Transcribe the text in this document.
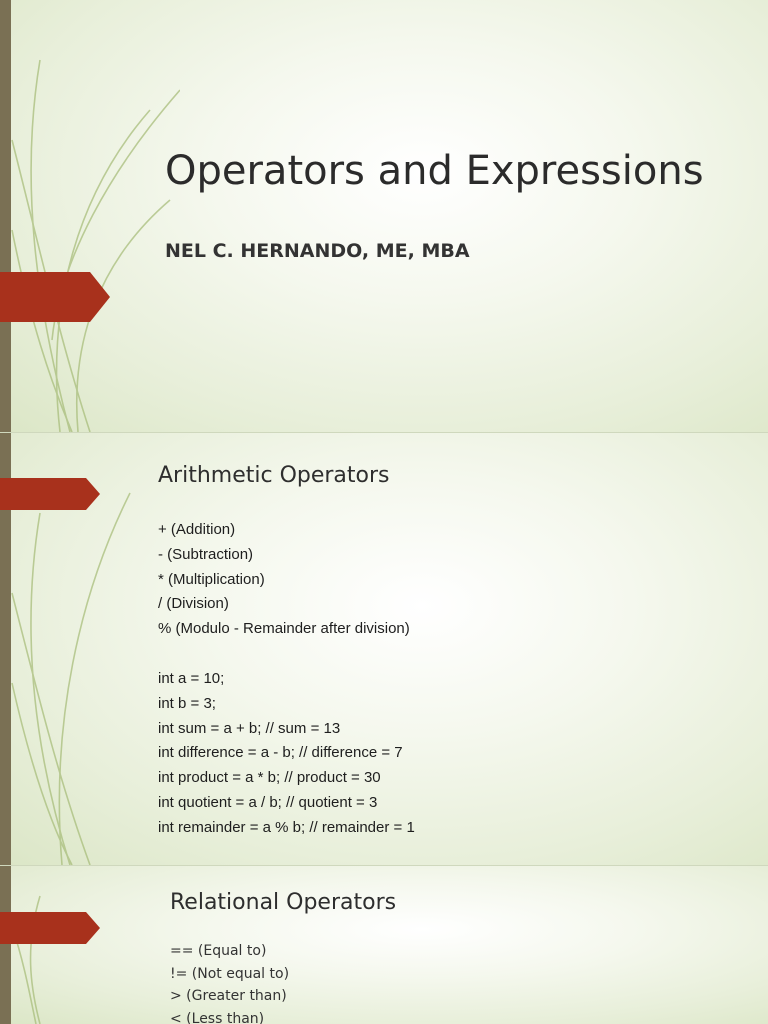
Operators and Expressions
NEL C. HERNANDO, ME, MBA
Arithmetic Operators
+ (Addition)
- (Subtraction)
* (Multiplication)
/ (Division)
% (Modulo - Remainder after division)
int a = 10;
int b = 3;
int sum = a + b; // sum = 13
int difference = a - b; // difference = 7
int product = a * b; // product = 30
int quotient = a / b; // quotient = 3
int remainder = a % b; // remainder = 1
Relational Operators
== (Equal to)
!= (Not equal to)
> (Greater than)
< (Less than)
